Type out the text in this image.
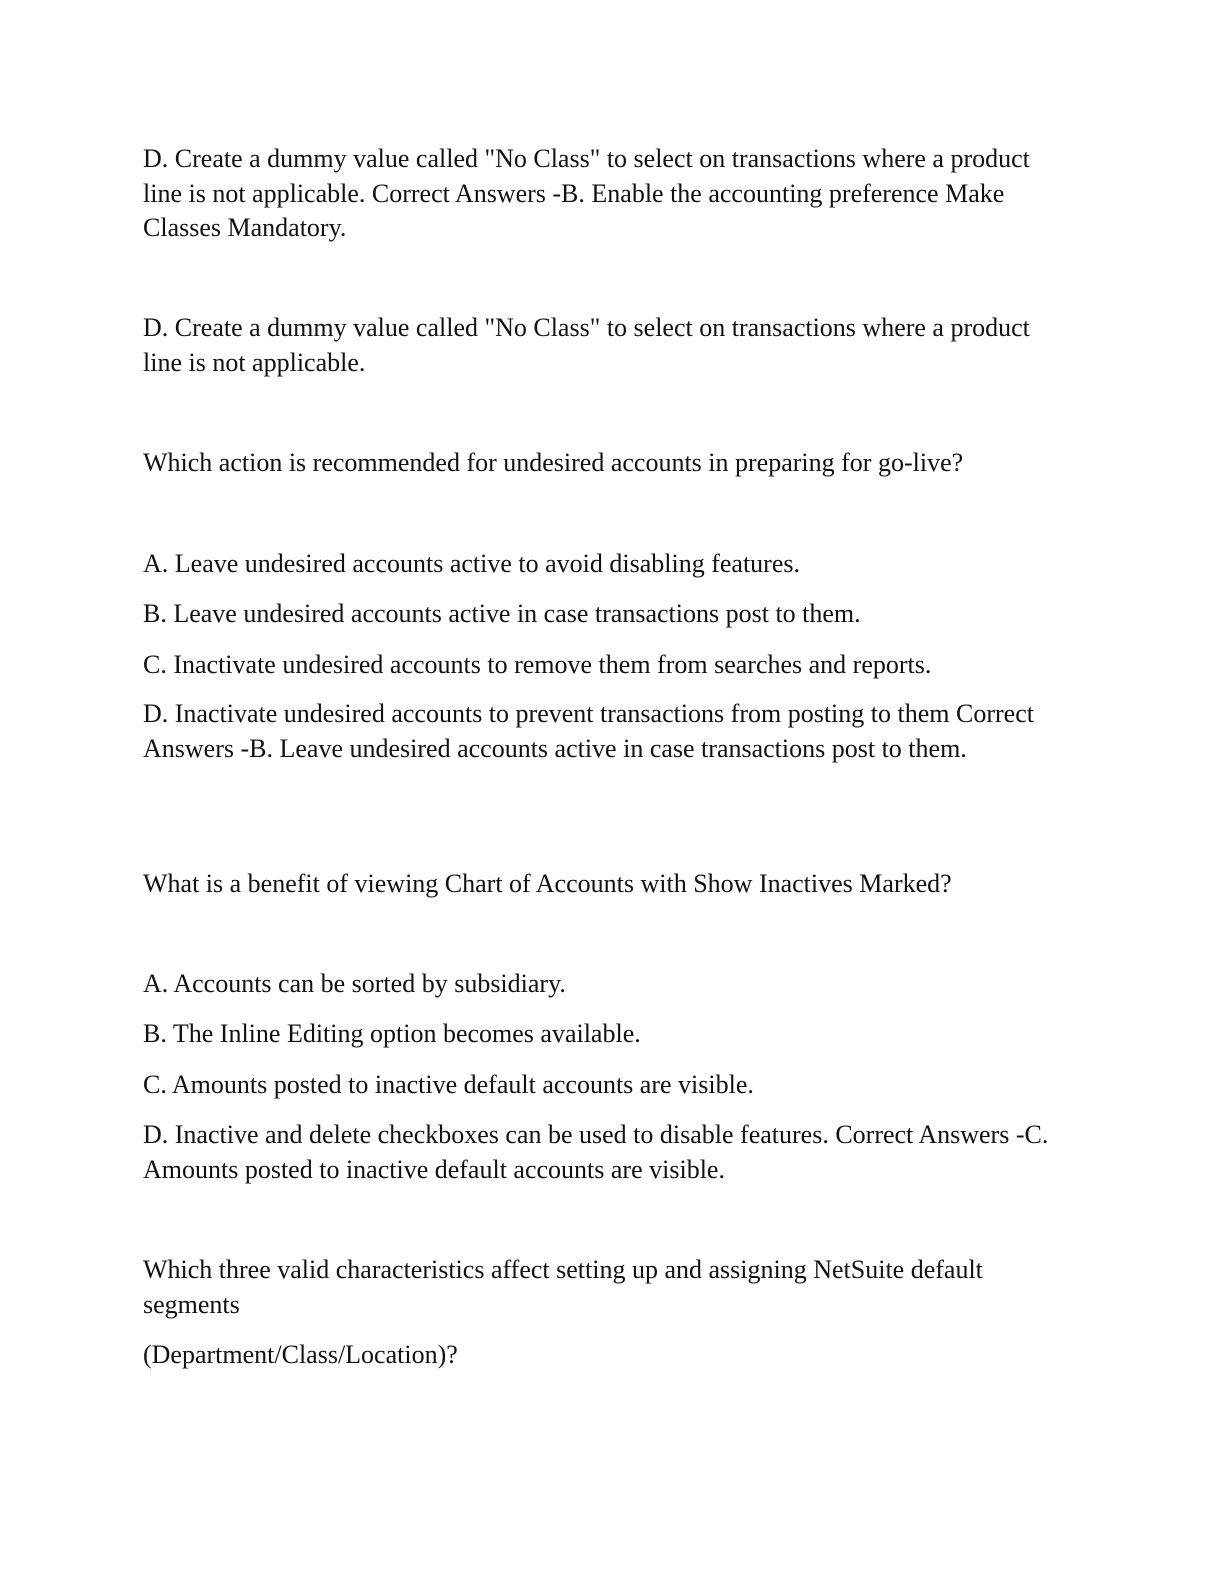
D. Create a dummy value called "No Class" to select on transactions where a product line is not applicable. Correct Answers -B. Enable the accounting preference Make Classes Mandatory.

D. Create a dummy value called "No Class" to select on transactions where a product line is not applicable.

Which action is recommended for undesired accounts in preparing for go-live?

A. Leave undesired accounts active to avoid disabling features.

B. Leave undesired accounts active in case transactions post to them.

C. Inactivate undesired accounts to remove them from searches and reports.

D. Inactivate undesired accounts to prevent transactions from posting to them Correct Answers -B. Leave undesired accounts active in case transactions post to them.

What is a benefit of viewing Chart of Accounts with Show Inactives Marked?

A. Accounts can be sorted by subsidiary.

B. The Inline Editing option becomes available.

C. Amounts posted to inactive default accounts are visible.

D. Inactive and delete checkboxes can be used to disable features. Correct Answers -C. Amounts posted to inactive default accounts are visible.

Which three valid characteristics affect setting up and assigning NetSuite default segments

(Department/Class/Location)?
